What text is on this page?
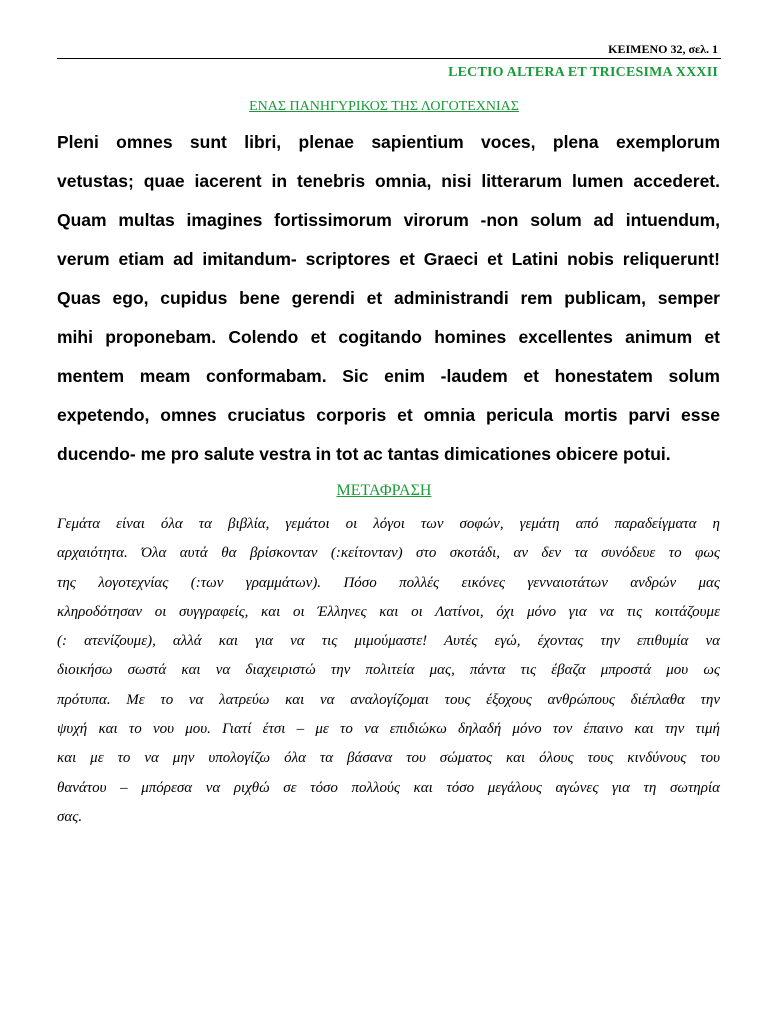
ΚΕΙΜΕΝΟ 32, σελ. 1
LECTIO ALTERA ET TRICESIMA XXXII
ΕΝΑΣ ΠΑΝΗΓΥΡΙΚΟΣ ΤΗΣ ΛΟΓΟΤΕΧΝΙΑΣ
Pleni omnes sunt libri, plenae sapientium voces, plena exemplorum
vetustas; quae iacerent in tenebris omnia, nisi litterarum lumen accederet.
Quam multas imagines fortissimorum virorum -non solum ad intuendum,
verum etiam ad imitandum- scriptores et Graeci et Latini nobis reliquerunt!
Quas ego, cupidus bene gerendi et administrandi rem publicam, semper
mihi proponebam. Colendo et cogitando homines excellentes animum et
mentem meam conformabam. Sic enim -laudem et honestatem solum
expetendo, omnes cruciatus corporis et omnia pericula mortis parvi esse
ducendo- me pro salute vestra in tot ac tantas dimicationes obicere potui.
ΜΕΤΑΦΡΑΣΗ
Γεμάτα είναι όλα τα βιβλία, γεμάτοι οι λόγοι των σοφών, γεμάτη από παραδείγματα η
αρχαιότητα. Όλα αυτά θα βρίσκονταν (:κείτονταν) στο σκοτάδι, αν δεν τα συνόδευε το φως
της λογοτεχνίας (:των γραμμάτων). Πόσο πολλές εικόνες γενναιοτάτων ανδρών μας
κληροδότησαν οι συγγραφείς, και οι Έλληνες και οι Λατίνοι, όχι μόνο για να τις κοιτάζουμε
(: ατενίζουμε), αλλά και για να τις μιμούμαστε! Αυτές εγώ, έχοντας την επιθυμία να
διοικήσω σωστά και να διαχειριστώ την πολιτεία μας, πάντα τις έβαζα μπροστά μου ως
πρότυπα. Με το να λατρεύω και να αναλογίζομαι τους έξοχους ανθρώπους διέπλαθα την
ψυχή και το νου μου. Γιατί έτσι – με το να επιδιώκω δηλαδή μόνο τον έπαινο και την τιμή
και με το να μην υπολογίζω όλα τα βάσανα του σώματος και όλους τους κινδύνους του
θανάτου – μπόρεσα να ριχθώ σε τόσο πολλούς και τόσο μεγάλους αγώνες για τη σωτηρία
σας.
